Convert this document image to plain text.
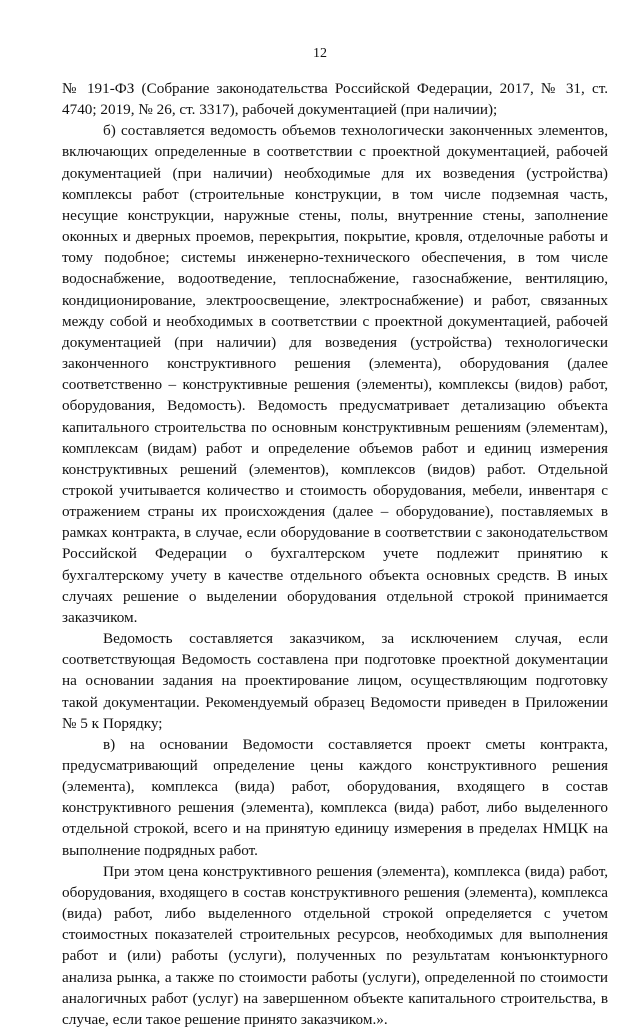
12

№ 191-ФЗ (Собрание законодательства Российской Федерации, 2017, № 31, ст. 4740; 2019, № 26, ст. 3317), рабочей документацией (при наличии);

б) составляется ведомость объемов технологически законченных элементов, включающих определенные в соответствии с проектной документацией, рабочей документацией (при наличии) необходимые для их возведения (устройства) комплексы работ (строительные конструкции, в том числе подземная часть, несущие конструкции, наружные стены, полы, внутренние стены, заполнение оконных и дверных проемов, перекрытия, покрытие, кровля, отделочные работы и тому подобное; системы инженерно-технического обеспечения, в том числе водоснабжение, водоотведение, теплоснабжение, газоснабжение, вентиляцию, кондиционирование, электроосвещение, электроснабжение) и работ, связанных между собой и необходимых в соответствии с проектной документацией, рабочей документацией (при наличии) для возведения (устройства) технологически законченного конструктивного решения (элемента), оборудования (далее соответственно – конструктивные решения (элементы), комплексы (видов) работ, оборудования, Ведомость). Ведомость предусматривает детализацию объекта капитального строительства по основным конструктивным решениям (элементам), комплексам (видам) работ и определение объемов работ и единиц измерения конструктивных решений (элементов), комплексов (видов) работ. Отдельной строкой учитывается количество и стоимость оборудования, мебели, инвентаря с отражением страны их происхождения (далее – оборудование), поставляемых в рамках контракта, в случае, если оборудование в соответствии с законодательством Российской Федерации о бухгалтерском учете подлежит принятию к бухгалтерскому учету в качестве отдельного объекта основных средств. В иных случаях решение о выделении оборудования отдельной строкой принимается заказчиком.

Ведомость составляется заказчиком, за исключением случая, если соответствующая Ведомость составлена при подготовке проектной документации на основании задания на проектирование лицом, осуществляющим подготовку такой документации. Рекомендуемый образец Ведомости приведен в Приложении № 5 к Порядку;

в) на основании Ведомости составляется проект сметы контракта, предусматривающий определение цены каждого конструктивного решения (элемента), комплекса (вида) работ, оборудования, входящего в состав конструктивного решения (элемента), комплекса (вида) работ, либо выделенного отдельной строкой, всего и на принятую единицу измерения в пределах НМЦК на выполнение подрядных работ.

При этом цена конструктивного решения (элемента), комплекса (вида) работ, оборудования, входящего в состав конструктивного решения (элемента), комплекса (вида) работ, либо выделенного отдельной строкой определяется с учетом стоимостных показателей строительных ресурсов, необходимых для выполнения работ и (или) работы (услуги), полученных по результатам конъюнктурного анализа рынка, а также по стоимости работы (услуги), определенной по стоимости аналогичных работ (услуг) на завершенном объекте капитального строительства, в случае, если такое решение принято заказчиком.».
